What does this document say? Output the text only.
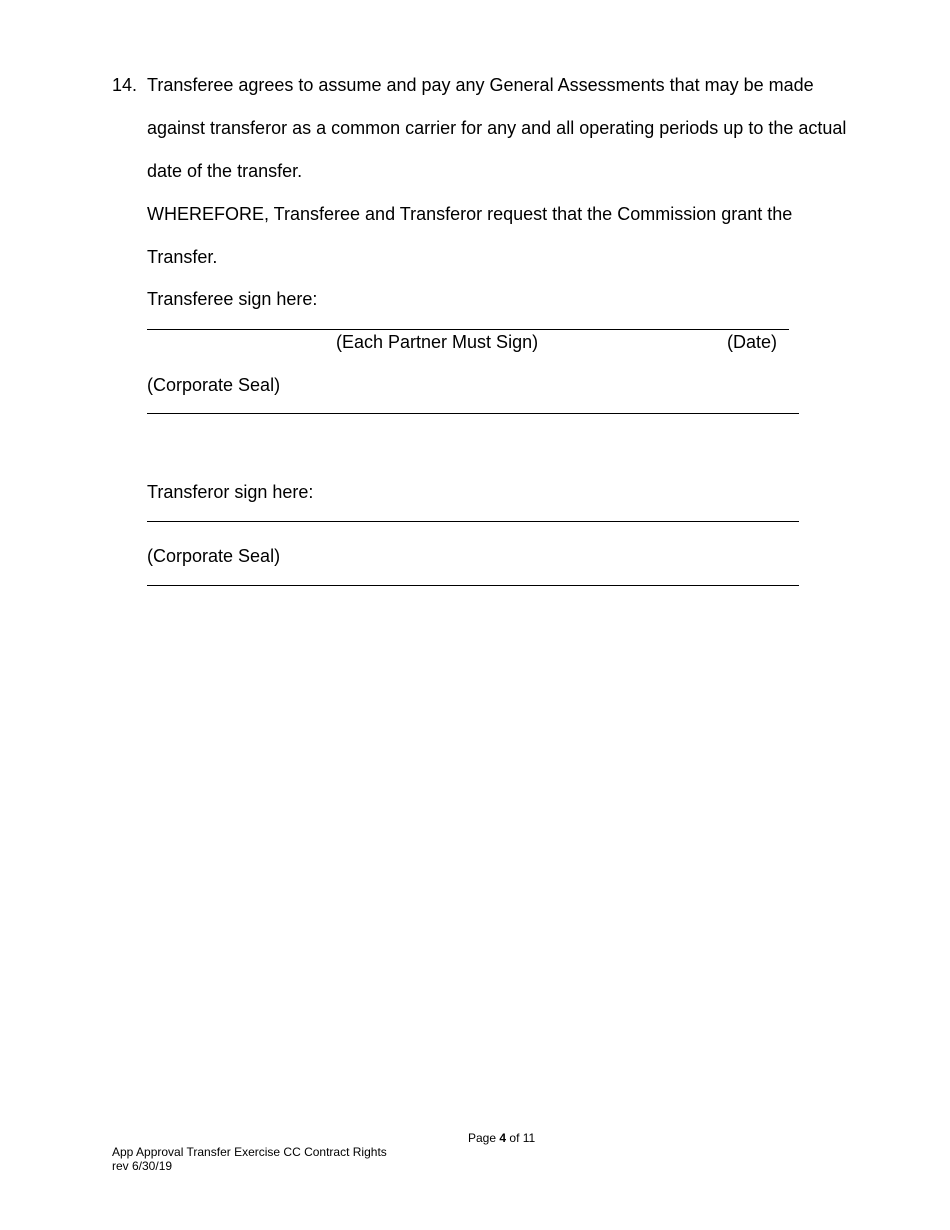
14. Transferee agrees to assume and pay any General Assessments that may be made
against transferor as a common carrier for any and all operating periods up to the actual
date of the transfer.
WHEREFORE, Transferee and Transferor request that the Commission grant the
Transfer.
Transferee sign here:
(Each Partner Must Sign)	(Date)
(Corporate Seal)
Transferor sign here:
(Corporate Seal)
Page 4 of 11
App Approval Transfer Exercise CC Contract Rights
rev 6/30/19
